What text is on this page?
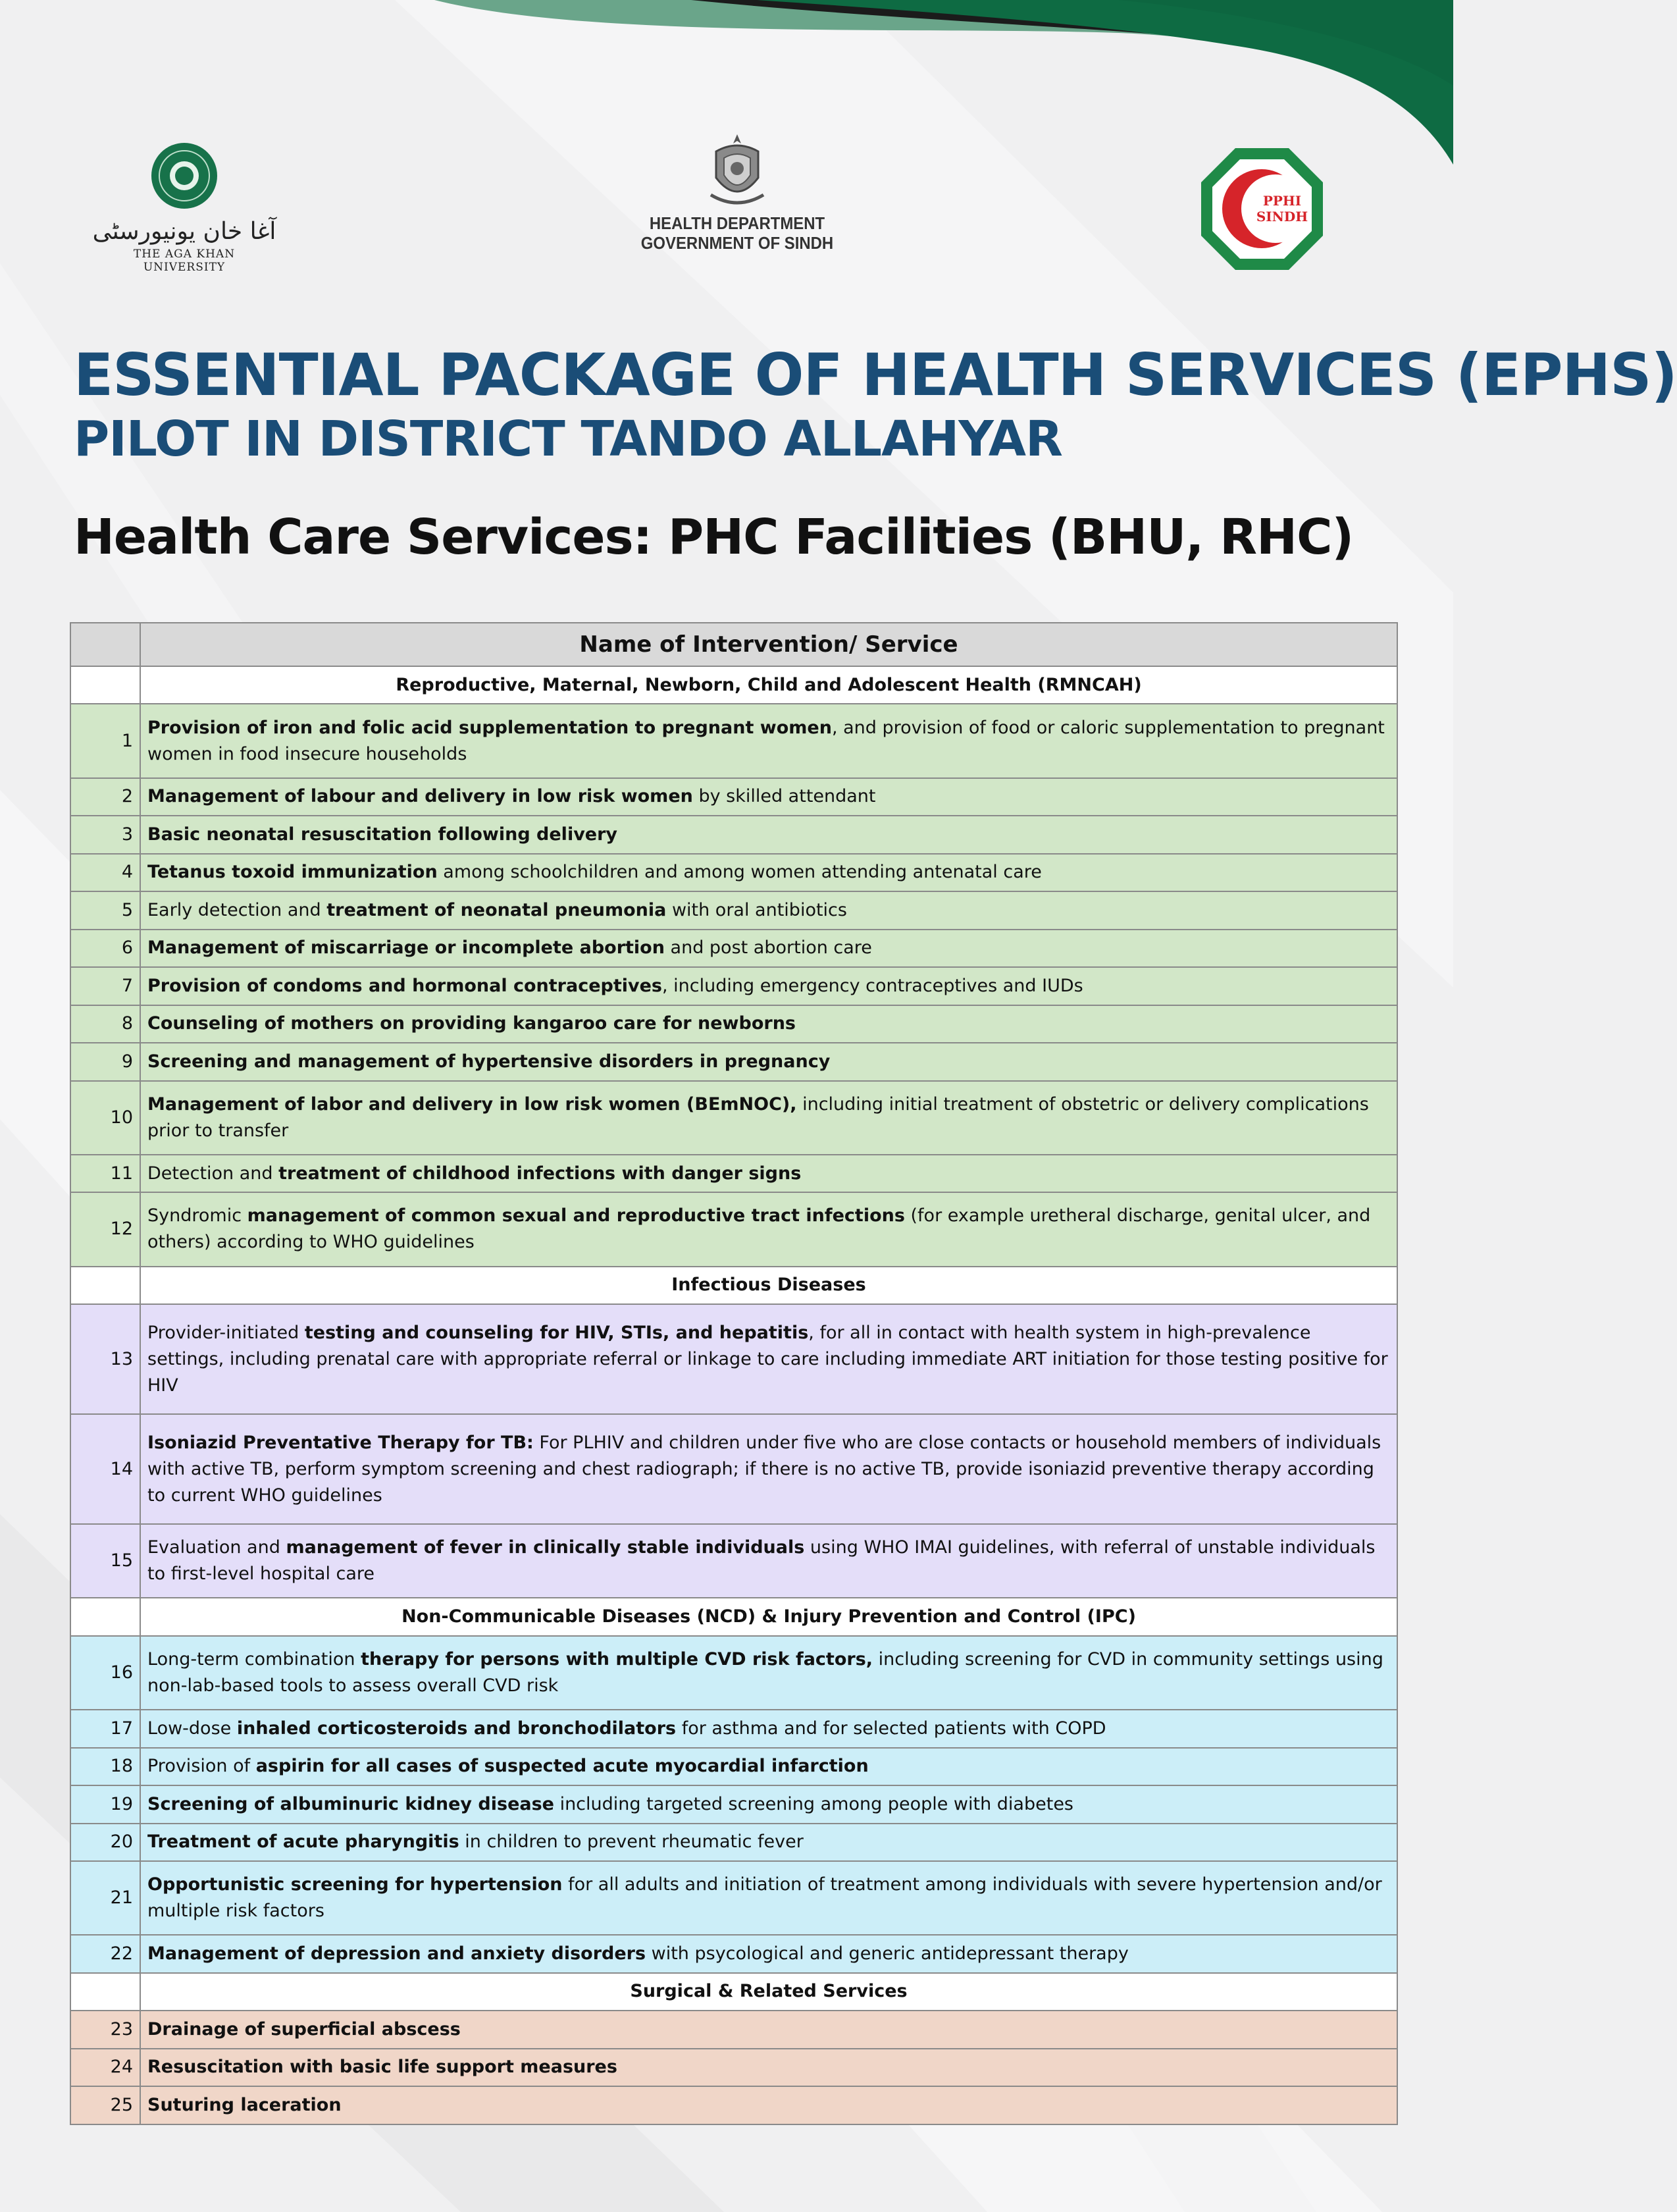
آغا خان یونیورسٹی
THE AGA KHAN UNIVERSITY
HEALTH DEPARTMENT
GOVERNMENT OF SINDH
PPHI
SINDH
ESSENTIAL PACKAGE OF HEALTH SERVICES (EPHS)
PILOT IN DISTRICT TANDO ALLAHYAR
Health Care Services: PHC Facilities (BHU, RHC)
	Name of Intervention/ Service
	Reproductive, Maternal, Newborn, Child and Adolescent Health (RMNCAH)
1	Provision of iron and folic acid supplementation to pregnant women, and provision of food or caloric supplementation to pregnant women in food insecure households
2	Management of labour and delivery in low risk women by skilled attendant
3	Basic neonatal resuscitation following delivery
4	Tetanus toxoid immunization among schoolchildren and among women attending antenatal care
5	Early detection and treatment of neonatal pneumonia with oral antibiotics
6	Management of miscarriage or incomplete abortion and post abortion care
7	Provision of condoms and hormonal contraceptives, including emergency contraceptives and IUDs
8	Counseling of mothers on providing kangaroo care for newborns
9	Screening and management of hypertensive disorders in pregnancy
10	Management of labor and delivery in low risk women (BEmNOC), including initial treatment of obstetric or delivery complications prior to transfer
11	Detection and treatment of childhood infections with danger signs
12	Syndromic management of common sexual and reproductive tract infections (for example uretheral discharge, genital ulcer, and others) according to WHO guidelines
	Infectious Diseases
13	Provider-initiated testing and counseling for HIV, STIs, and hepatitis, for all in contact with health system in high-prevalence settings, including prenatal care with appropriate referral or linkage to care including immediate ART initiation for those testing positive for HIV
14	Isoniazid Preventative Therapy for TB: For PLHIV and children under five who are close contacts or household members of individuals with active TB, perform symptom screening and chest radiograph; if there is no active TB, provide isoniazid preventive therapy according to current WHO guidelines
15	Evaluation and management of fever in clinically stable individuals using WHO IMAI guidelines, with referral of unstable individuals to first-level hospital care
	Non-Communicable Diseases (NCD) & Injury Prevention and Control (IPC)
16	Long-term combination therapy for persons with multiple CVD risk factors, including screening for CVD in community settings using non-lab-based tools to assess overall CVD risk
17	Low-dose inhaled corticosteroids and bronchodilators for asthma and for selected patients with COPD
18	Provision of aspirin for all cases of suspected acute myocardial infarction
19	Screening of albuminuric kidney disease including targeted screening among people with diabetes
20	Treatment of acute pharyngitis in children to prevent rheumatic fever
21	Opportunistic screening for hypertension for all adults and initiation of treatment among individuals with severe hypertension and/or multiple risk factors
22	Management of depression and anxiety disorders with psycological and generic antidepressant therapy
	Surgical & Related Services
23	Drainage of superficial abscess
24	Resuscitation with basic life support measures
25	Suturing laceration
